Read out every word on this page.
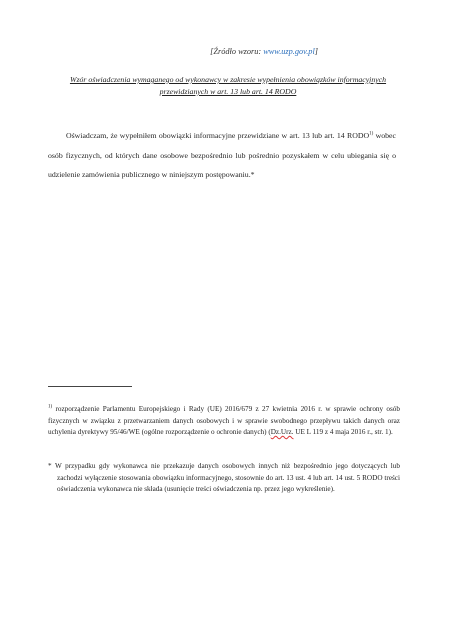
[Źródło wzoru: www.uzp.gov.pl]
Wzór oświadczenia wymaganego od wykonawcy w zakresie wypełnienia obowiązków informacyjnych przewidzianych w art. 13 lub art. 14 RODO
Oświadczam, że wypełniłem obowiązki informacyjne przewidziane w art. 13 lub art. 14 RODO$^{1)}$ wobec osób fizycznych, od których dane osobowe bezpośrednio lub pośrednio pozyskałem w celu ubiegania się o udzielenie zamówienia publicznego w niniejszym postępowaniu.*
$^{1)}$ rozporządzenie Parlamentu Europejskiego i Rady (UE) 2016/679 z 27 kwietnia 2016 r. w sprawie ochrony osób fizycznych w związku z przetwarzaniem danych osobowych i w sprawie swobodnego przepływu takich danych oraz uchylenia dyrektywy 95/46/WE (ogólne rozporządzenie o ochronie danych) (Dz.Urz. UE L 119 z 4 maja 2016 r., str. 1).
* W przypadku gdy wykonawca nie przekazuje danych osobowych innych niż bezpośrednio jego dotyczących lub zachodzi wyłączenie stosowania obowiązku informacyjnego, stosownie do art. 13 ust. 4 lub art. 14 ust. 5 RODO treści oświadczenia wykonawca nie składa (usunięcie treści oświadczenia np. przez jego wykreślenie).
